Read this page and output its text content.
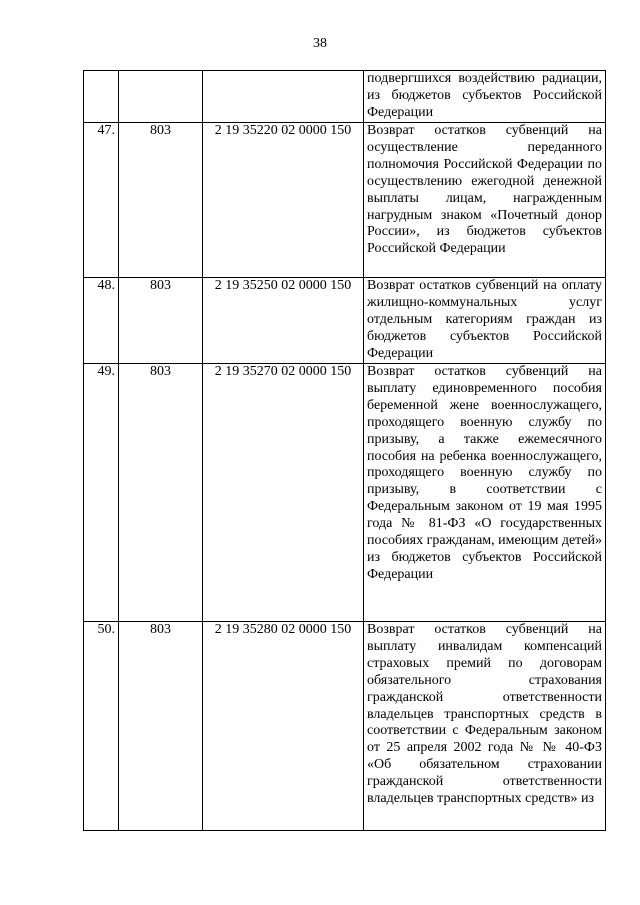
38
			подвергшихся воздействию радиации, из бюджетов субъектов Российской Федерации
47.	803	2 19 35220 02 0000 150	Возврат остатков субвенций на осуществление переданного полномочия Российской Федерации по осуществлению ежегодной денежной выплаты лицам, награжденным нагрудным знаком «Почетный донор России», из бюджетов субъектов Российской Федерации
48.	803	2 19 35250 02 0000 150	Возврат остатков субвенций на оплату жилищно-коммунальных услуг отдельным категориям граждан из бюджетов субъектов Российской Федерации
49.	803	2 19 35270 02 0000 150	Возврат остатков субвенций на выплату единовременного пособия беременной жене военнослужащего, проходящего военную службу по призыву, а также ежемесячного пособия на ребенка военнослужащего, проходящего военную службу по призыву, в соответствии с Федеральным законом от 19 мая 1995 года № 81-ФЗ «О государственных пособиях гражданам, имеющим детей» из бюджетов субъектов Российской Федерации
50.	803	2 19 35280 02 0000 150	Возврат остатков субвенций на выплату инвалидам компенсаций страховых премий по договорам обязательного страхования гражданской ответственности владельцев транспортных средств в соответствии с Федеральным законом от 25 апреля 2002 года № № 40-ФЗ «Об обязательном страховании гражданской ответственности владельцев транспортных средств» из
